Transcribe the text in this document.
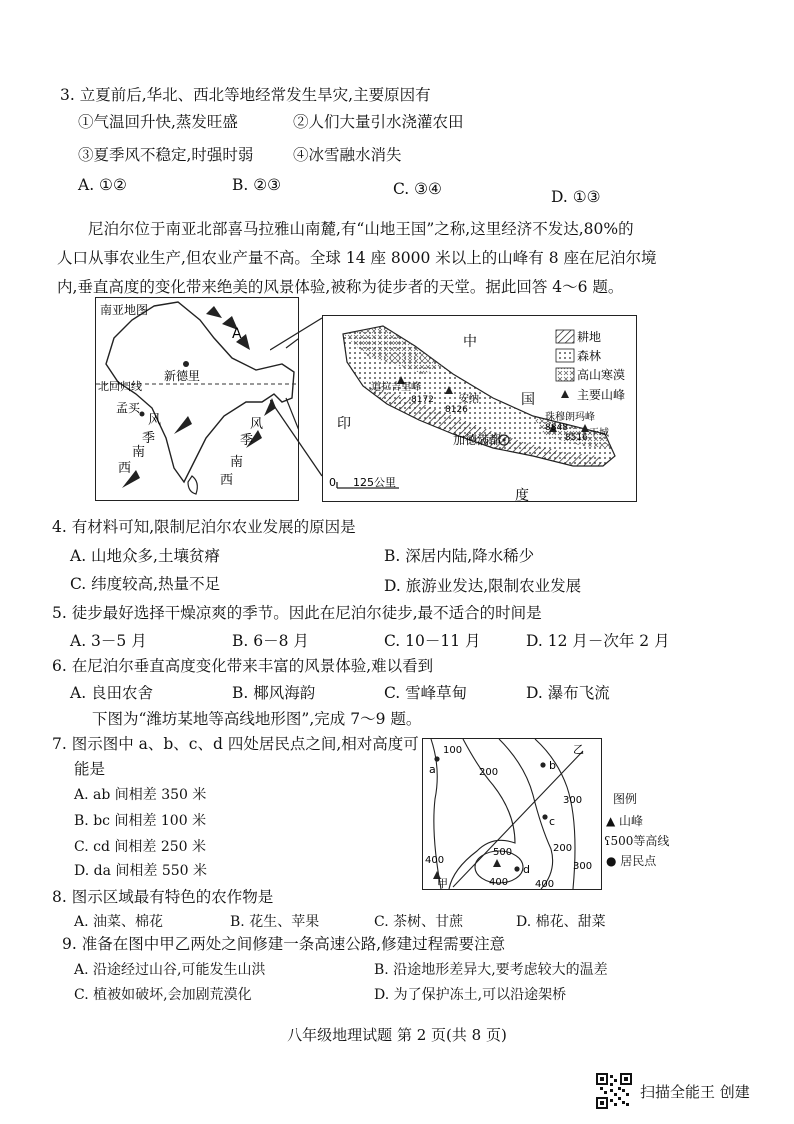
3. 立夏前后,华北、西北等地经常发生旱灾,主要原因有
①气温回升快,蒸发旺盛	②人们大量引水浇灌农田
③夏季风不稳定,时强时弱	④冰雪融水消失
A. ①②	B. ②③	C. ③④	D. ①③
尼泊尔位于南亚北部喜马拉雅山南麓,有“山地王国”之称,这里经济不发达,80%的
人口从事农业生产,但农业产量不高。全球 14 座 8000 米以上的山峰有 8 座在尼泊尔境
内,垂直高度的变化带来绝美的风景体验,被称为徒步者的天堂。据此回答 4～6 题。
南亚地图
A
新德里
北回归线
孟买
风
季
南
西
风
季
南
西
中
国
印
度
道拉吉里峰
8172	安纳
8126
珠穆朗玛峰
8848
8516 干城
加德满都
0 125公里
耕地
森林
高山寒漠
主要山峰
4. 有材料可知,限制尼泊尔农业发展的原因是
A. 山地众多,土壤贫瘠	B. 深居内陆,降水稀少
C. 纬度较高,热量不足	D. 旅游业发达,限制农业发展
5. 徒步最好选择干燥凉爽的季节。因此在尼泊尔徒步,最不适合的时间是
A. 3－5 月	B. 6－8 月	C. 10－11 月	D. 12 月－次年 2 月
6. 在尼泊尔垂直高度变化带来丰富的风景体验,难以看到
A. 良田农舍	B. 椰风海韵	C. 雪峰草甸	D. 瀑布飞流
下图为“潍坊某地等高线地形图”,完成 7～9 题。
7. 图示图中 a、b、c、d 四处居民点之间,相对高度可
能是
A. ab 间相差 350 米
B. bc 间相差 100 米
C. cd 间相差 250 米
D. da 间相差 550 米
a	b
c
d
甲
乙
100
200
200
300
300
400
400
500
400
图例
▲ 山峰
ʕ500等高线
● 居民点
8. 图示区域最有特色的农作物是
A. 油菜、棉花	B. 花生、苹果	C. 茶树、甘蔗	D. 棉花、甜菜
9. 准备在图中甲乙两处之间修建一条高速公路,修建过程需要注意
A. 沿途经过山谷,可能发生山洪	B. 沿途地形差异大,要考虑较大的温差
C. 植被如破坏,会加剧荒漠化	D. 为了保护冻土,可以沿途架桥
八年级地理试题 第 2 页(共 8 页)
扫描全能王 创建
